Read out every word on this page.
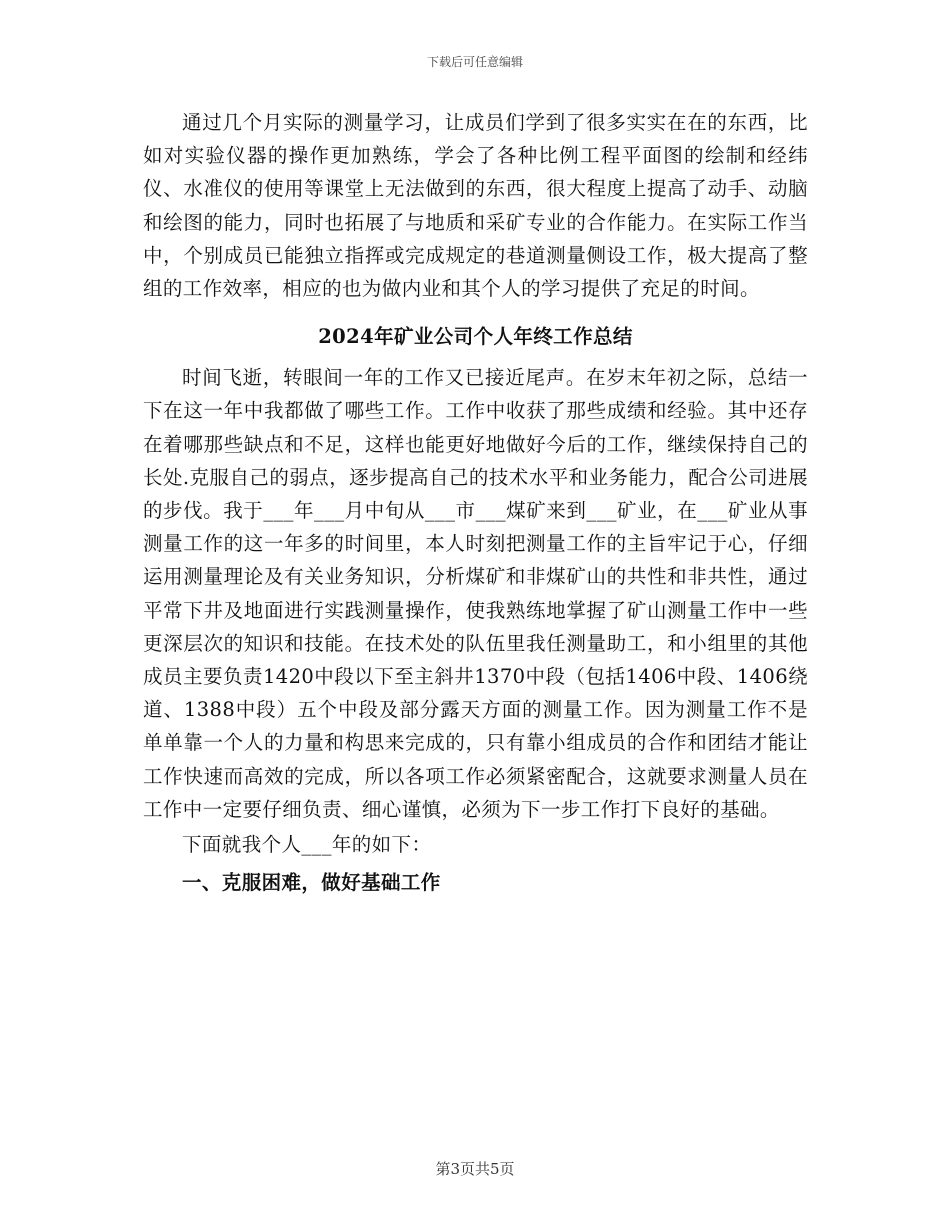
下载后可任意编辑

通过几个月实际的测量学习，让成员们学到了很多实实在在的东西，比如对实验仪器的操作更加熟练，学会了各种比例工程平面图的绘制和经纬仪、水准仪的使用等课堂上无法做到的东西，很大程度上提高了动手、动脑和绘图的能力，同时也拓展了与地质和采矿专业的合作能力。在实际工作当中，个别成员已能独立指挥或完成规定的巷道测量侧设工作，极大提高了整组的工作效率，相应的也为做内业和其个人的学习提供了充足的时间。

2024年矿业公司个人年终工作总结

时间飞逝，转眼间一年的工作又已接近尾声。在岁末年初之际，总结一下在这一年中我都做了哪些工作。工作中收获了那些成绩和经验。其中还存在着哪那些缺点和不足，这样也能更好地做好今后的工作，继续保持自己的长处.克服自己的弱点，逐步提高自己的技术水平和业务能力，配合公司进展的步伐。我于___年___月中旬从___市___煤矿来到___矿业，在___矿业从事测量工作的这一年多的时间里，本人时刻把测量工作的主旨牢记于心，仔细运用测量理论及有关业务知识，分析煤矿和非煤矿山的共性和非共性，通过平常下井及地面进行实践测量操作，使我熟练地掌握了矿山测量工作中一些更深层次的知识和技能。在技术处的队伍里我任测量助工，和小组里的其他成员主要负责1420中段以下至主斜井1370中段（包括1406中段、1406绕道、1388中段）五个中段及部分露天方面的测量工作。因为测量工作不是单单靠一个人的力量和构思来完成的，只有靠小组成员的合作和团结才能让工作快速而高效的完成，所以各项工作必须紧密配合，这就要求测量人员在工作中一定要仔细负责、细心谨慎，必须为下一步工作打下良好的基础。

下面就我个人___年的如下：

一、克服困难，做好基础工作

第3页共5页
